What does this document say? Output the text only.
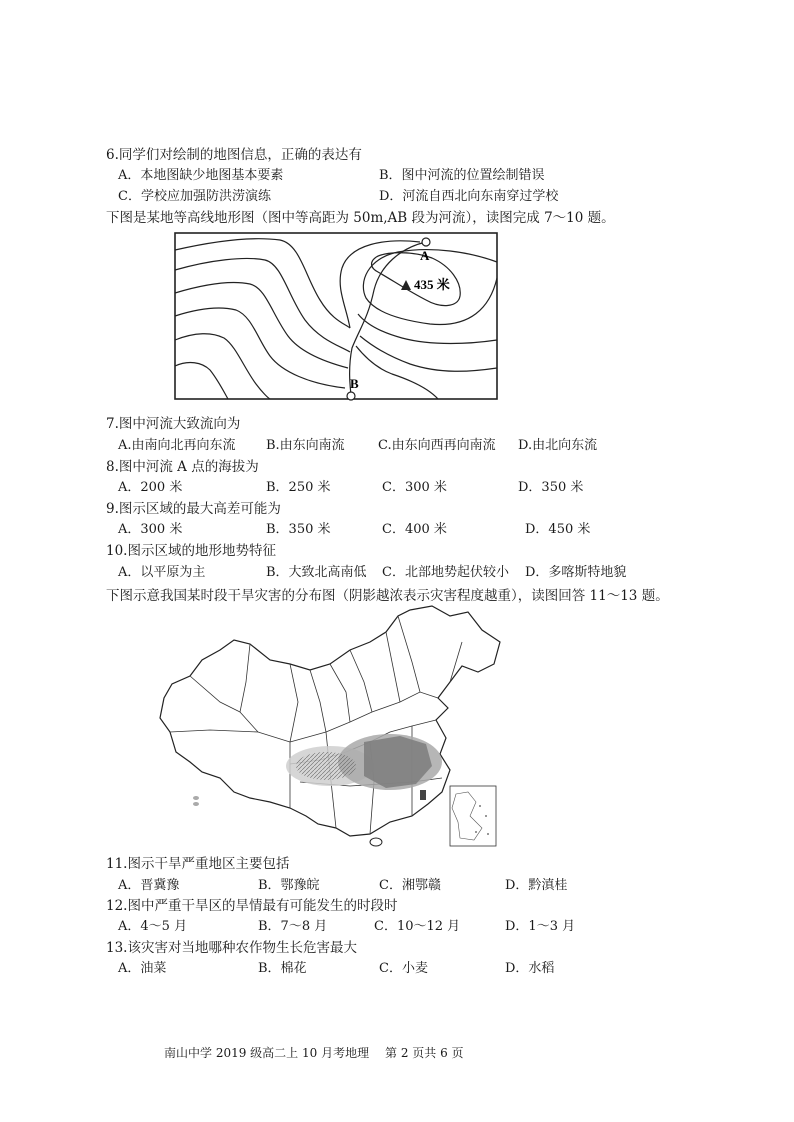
6.同学们对绘制的地图信息，正确的表达有
A．本地图缺少地图基本要素	B．图中河流的位置绘制错误
C．学校应加强防洪涝演练	D．河流自西北向东南穿过学校
下图是某地等高线地形图（图中等高距为 50m,AB 段为河流），读图完成 7～10 题。
A
B
435 米
7.图中河流大致流向为
A.由南向北再向东流 B.由东向南流	C.由东向西再向南流 D.由北向东流
8.图中河流 A 点的海拔为
A．200 米	B．250 米	C．300 米	D．350 米
9.图示区域的最大高差可能为
A．300 米	B．350 米	C．400 米	D．450 米
10.图示区域的地形地势特征
A．以平原为主	B．大致北高南低 C．北部地势起伏较小 D．多喀斯特地貌
下图示意我国某时段干旱灾害的分布图（阴影越浓表示灾害程度越重），读图回答 11～13 题。
11.图示干旱严重地区主要包括
A．晋冀豫	B．鄂豫皖	C．湘鄂赣	D．黔滇桂
12.图中严重干旱区的旱情最有可能发生的时段时
A．4～5 月	B．7～8 月	C．10～12 月	D．1～3 月
13.该灾害对当地哪种农作物生长危害最大
A．油菜	B．棉花	C．小麦	D．水稻
南山中学 2019 级高二上 10 月考地理 第 2 页共 6 页
